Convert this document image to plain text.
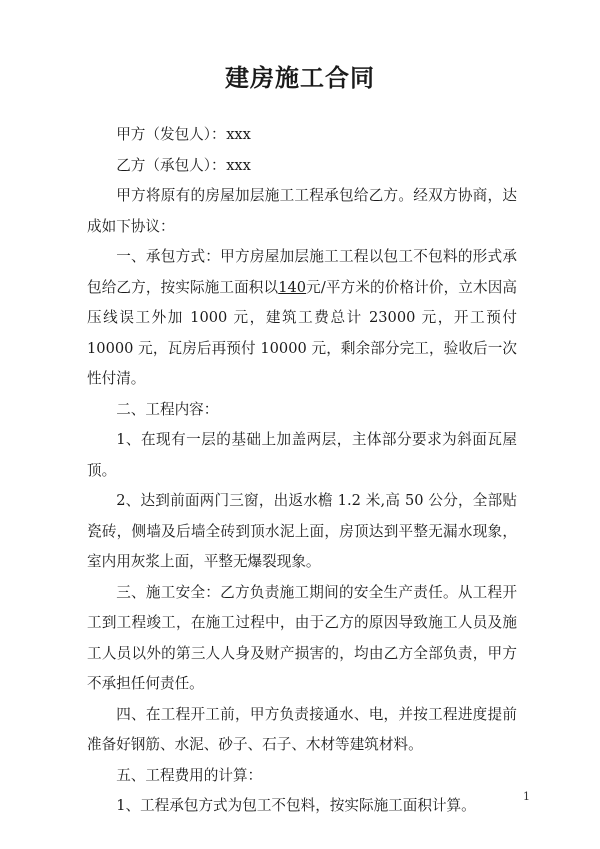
建房施工合同

甲方（发包人）：xxx

乙方（承包人）：xxx

甲方将原有的房屋加层施工工程承包给乙方。经双方协商，达成如下协议：

一、承包方式：甲方房屋加层施工工程以包工不包料的形式承包给乙方，按实际施工面积以140元/平方米的价格计价，立木因高压线误工外加 1000 元，建筑工费总计 23000 元，开工预付 10000 元，瓦房后再预付 10000 元，剩余部分完工，验收后一次性付清。

二、工程内容：

1、在现有一层的基础上加盖两层，主体部分要求为斜面瓦屋顶。

2、达到前面两门三窗，出返水檐 1.2 米,高 50 公分，全部贴瓷砖，侧墙及后墙全砖到顶水泥上面，房顶达到平整无漏水现象，室内用灰浆上面，平整无爆裂现象。

三、施工安全：乙方负责施工期间的安全生产责任。从工程开工到工程竣工，在施工过程中，由于乙方的原因导致施工人员及施工人员以外的第三人人身及财产损害的，均由乙方全部负责，甲方不承担任何责任。

四、在工程开工前，甲方负责接通水、电，并按工程进度提前准备好钢筋、水泥、砂子、石子、木材等建筑材料。

五、工程费用的计算：

1、工程承包方式为包工不包料，按实际施工面积计算。

1
